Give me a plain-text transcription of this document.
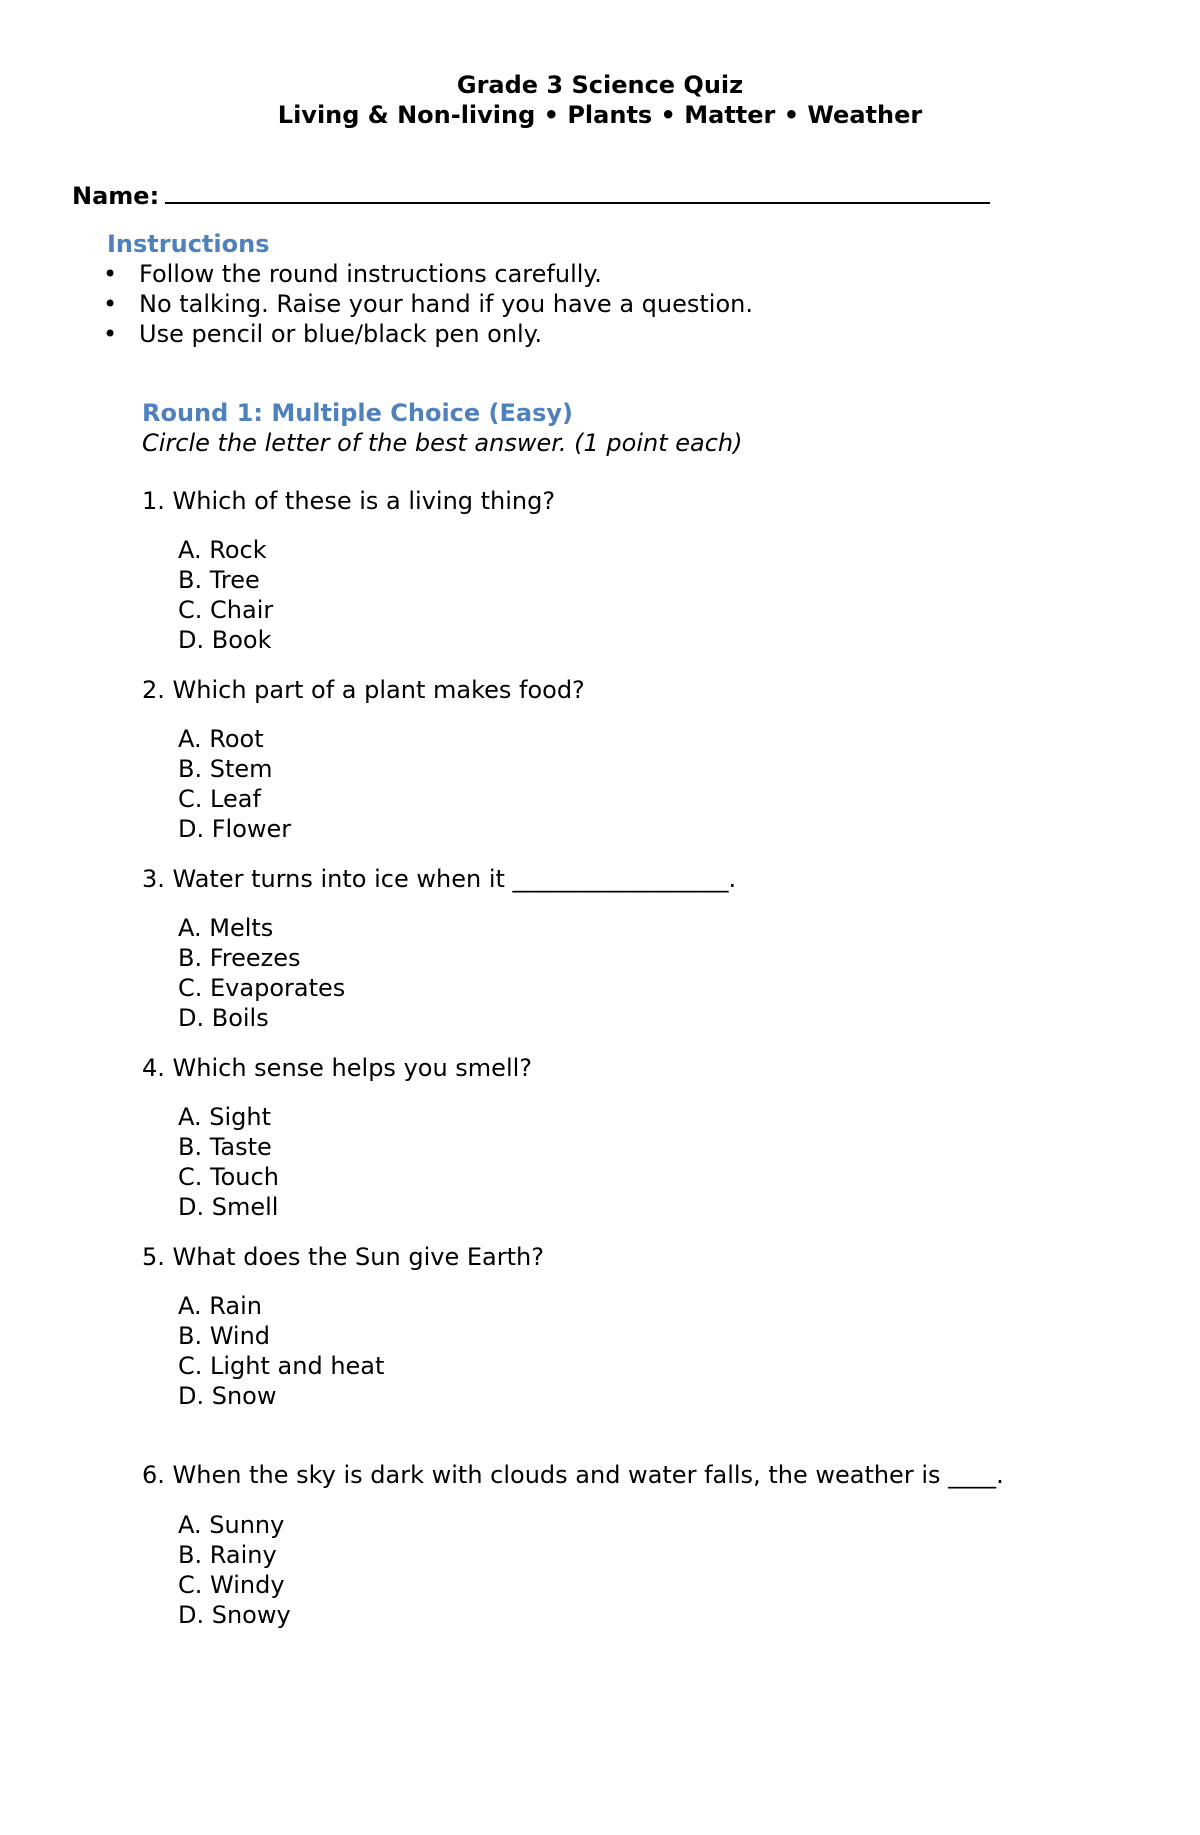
Grade 3 Science Quiz
Living & Non-living • Plants • Matter • Weather
Name:
Instructions
• Follow the round instructions carefully.
• No talking. Raise your hand if you have a question.
• Use pencil or blue/black pen only.
Round 1: Multiple Choice (Easy)
Circle the letter of the best answer. (1 point each)
1. Which of these is a living thing?
A. Rock
B. Tree
C. Chair
D. Book
2. Which part of a plant makes food?
A. Root
B. Stem
C. Leaf
D. Flower
3. Water turns into ice when it __________________.
A. Melts
B. Freezes
C. Evaporates
D. Boils
4. Which sense helps you smell?
A. Sight
B. Taste
C. Touch
D. Smell
5. What does the Sun give Earth?
A. Rain
B. Wind
C. Light and heat
D. Snow
6. When the sky is dark with clouds and water falls, the weather is ____.
A. Sunny
B. Rainy
C. Windy
D. Snowy
